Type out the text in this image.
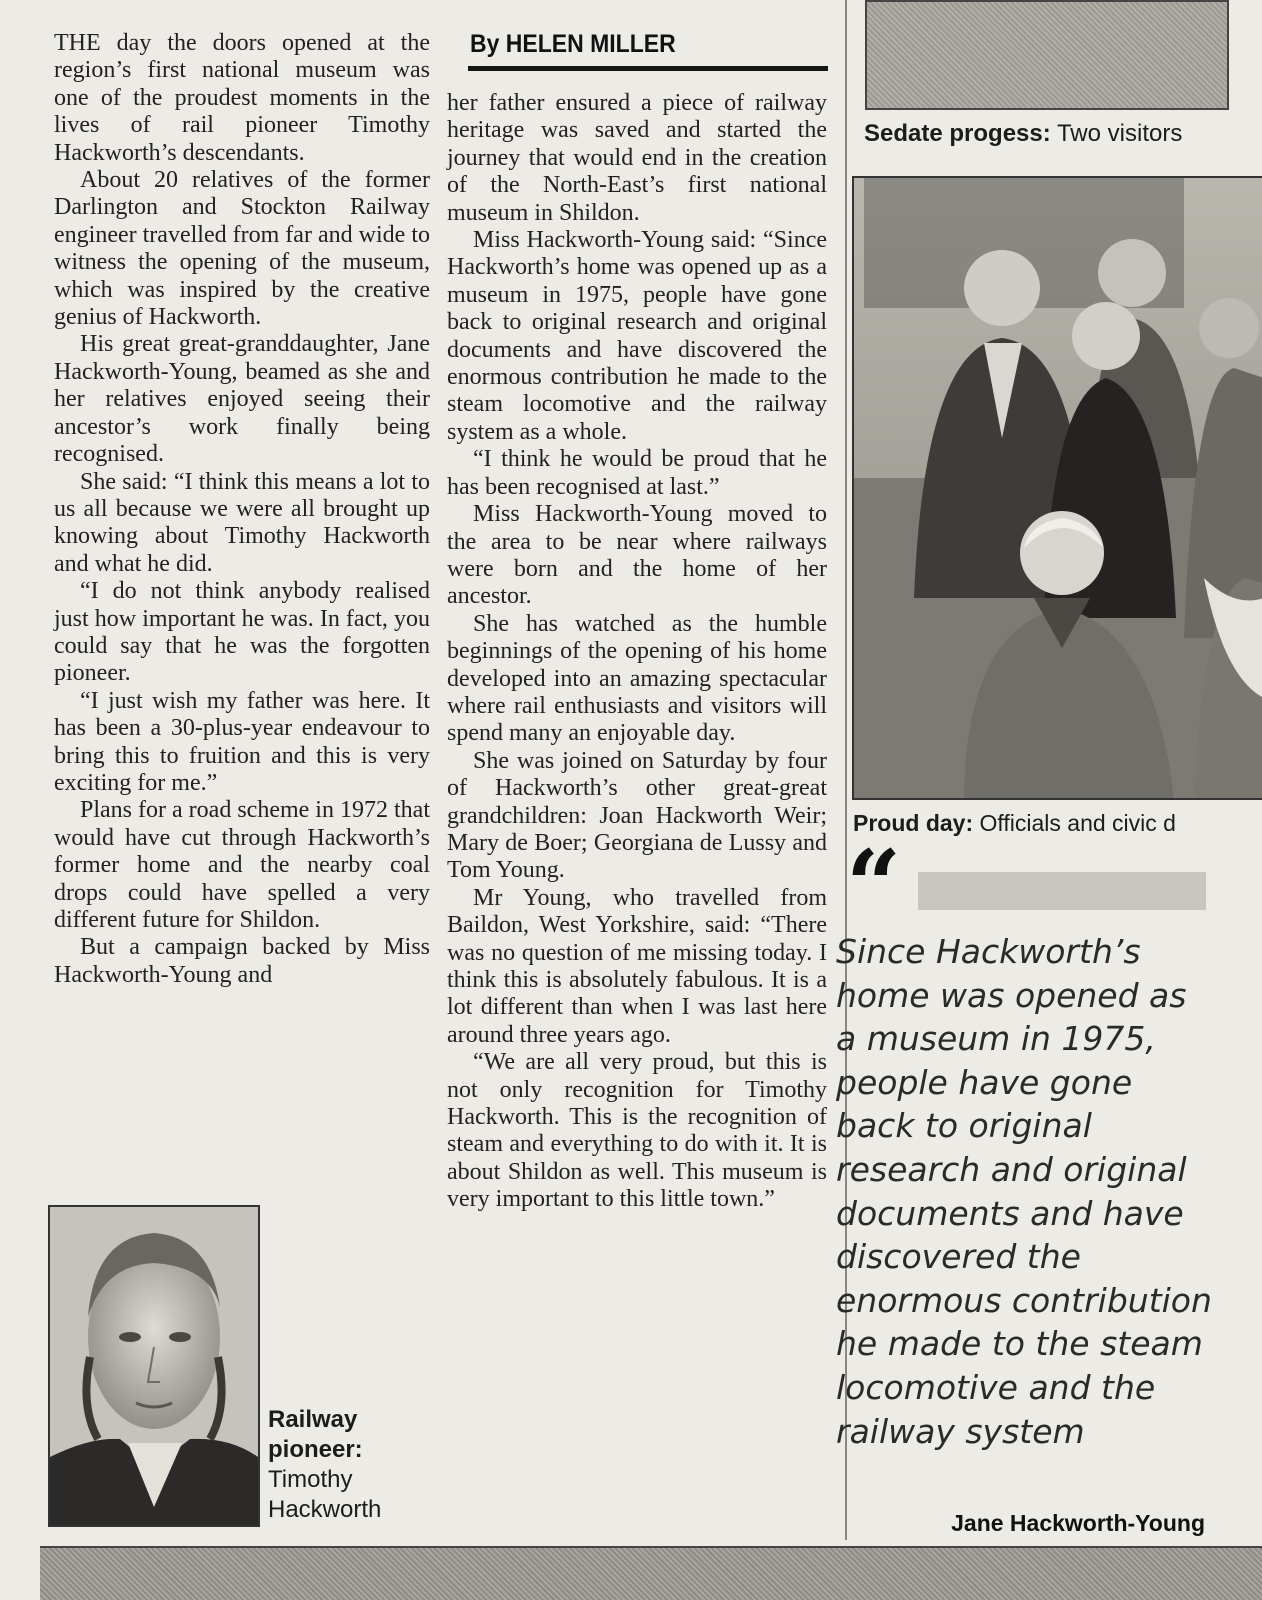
THE day the doors opened at the region’s first national museum was one of the proudest moments in the lives of rail pioneer Timothy Hackworth’s descendants.

About 20 relatives of the former Darlington and Stockton Railway engineer travelled from far and wide to witness the opening of the museum, which was inspired by the creative genius of Hackworth.

His great great-granddaughter, Jane Hackworth-Young, beamed as she and her relatives enjoyed seeing their ancestor’s work finally being recognised.

She said: “I think this means a lot to us all because we were all brought up knowing about Timothy Hackworth and what he did.

“I do not think anybody realised just how important he was. In fact, you could say that he was the forgotten pioneer.

“I just wish my father was here. It has been a 30-plus-year endeavour to bring this to fruition and this is very exciting for me.”

Plans for a road scheme in 1972 that would have cut through Hackworth’s former home and the nearby coal drops could have spelled a very different future for Shildon.

But a campaign backed by Miss Hackworth-Young and

By HELEN MILLER

her father ensured a piece of railway heritage was saved and started the journey that would end in the creation of the North-East’s first national museum in Shildon.

Miss Hackworth-Young said: “Since Hackworth’s home was opened up as a museum in 1975, people have gone back to original research and original documents and have discovered the enormous contribution he made to the steam locomotive and the railway system as a whole.

“I think he would be proud that he has been recognised at last.”

Miss Hackworth-Young moved to the area to be near where railways were born and the home of her ancestor.

She has watched as the humble beginnings of the opening of his home developed into an amazing spectacular where rail enthusiasts and visitors will spend many an enjoyable day.

She was joined on Saturday by four of Hackworth’s other great-great grandchildren: Joan Hackworth Weir; Mary de Boer; Georgiana de Lussy and Tom Young.

Mr Young, who travelled from Baildon, West Yorkshire, said: “There was no question of me missing today. I think this is absolutely fabulous. It is a lot different than when I was last here around three years ago.

“We are all very proud, but this is not only recognition for Timothy Hackworth. This is the recognition of steam and everything to do with it. It is about Shildon as well. This museum is very important to this little town.”

Railway pioneer:
Timothy Hackworth
Sedate progess: Two visitors
Proud day: Officials and civic d
“

Since Hackworth’s home was opened as a museum in 1975, people have gone back to original research and original documents and have discovered the enormous contribution he made to the steam locomotive and the railway system

Jane Hackworth-Young
